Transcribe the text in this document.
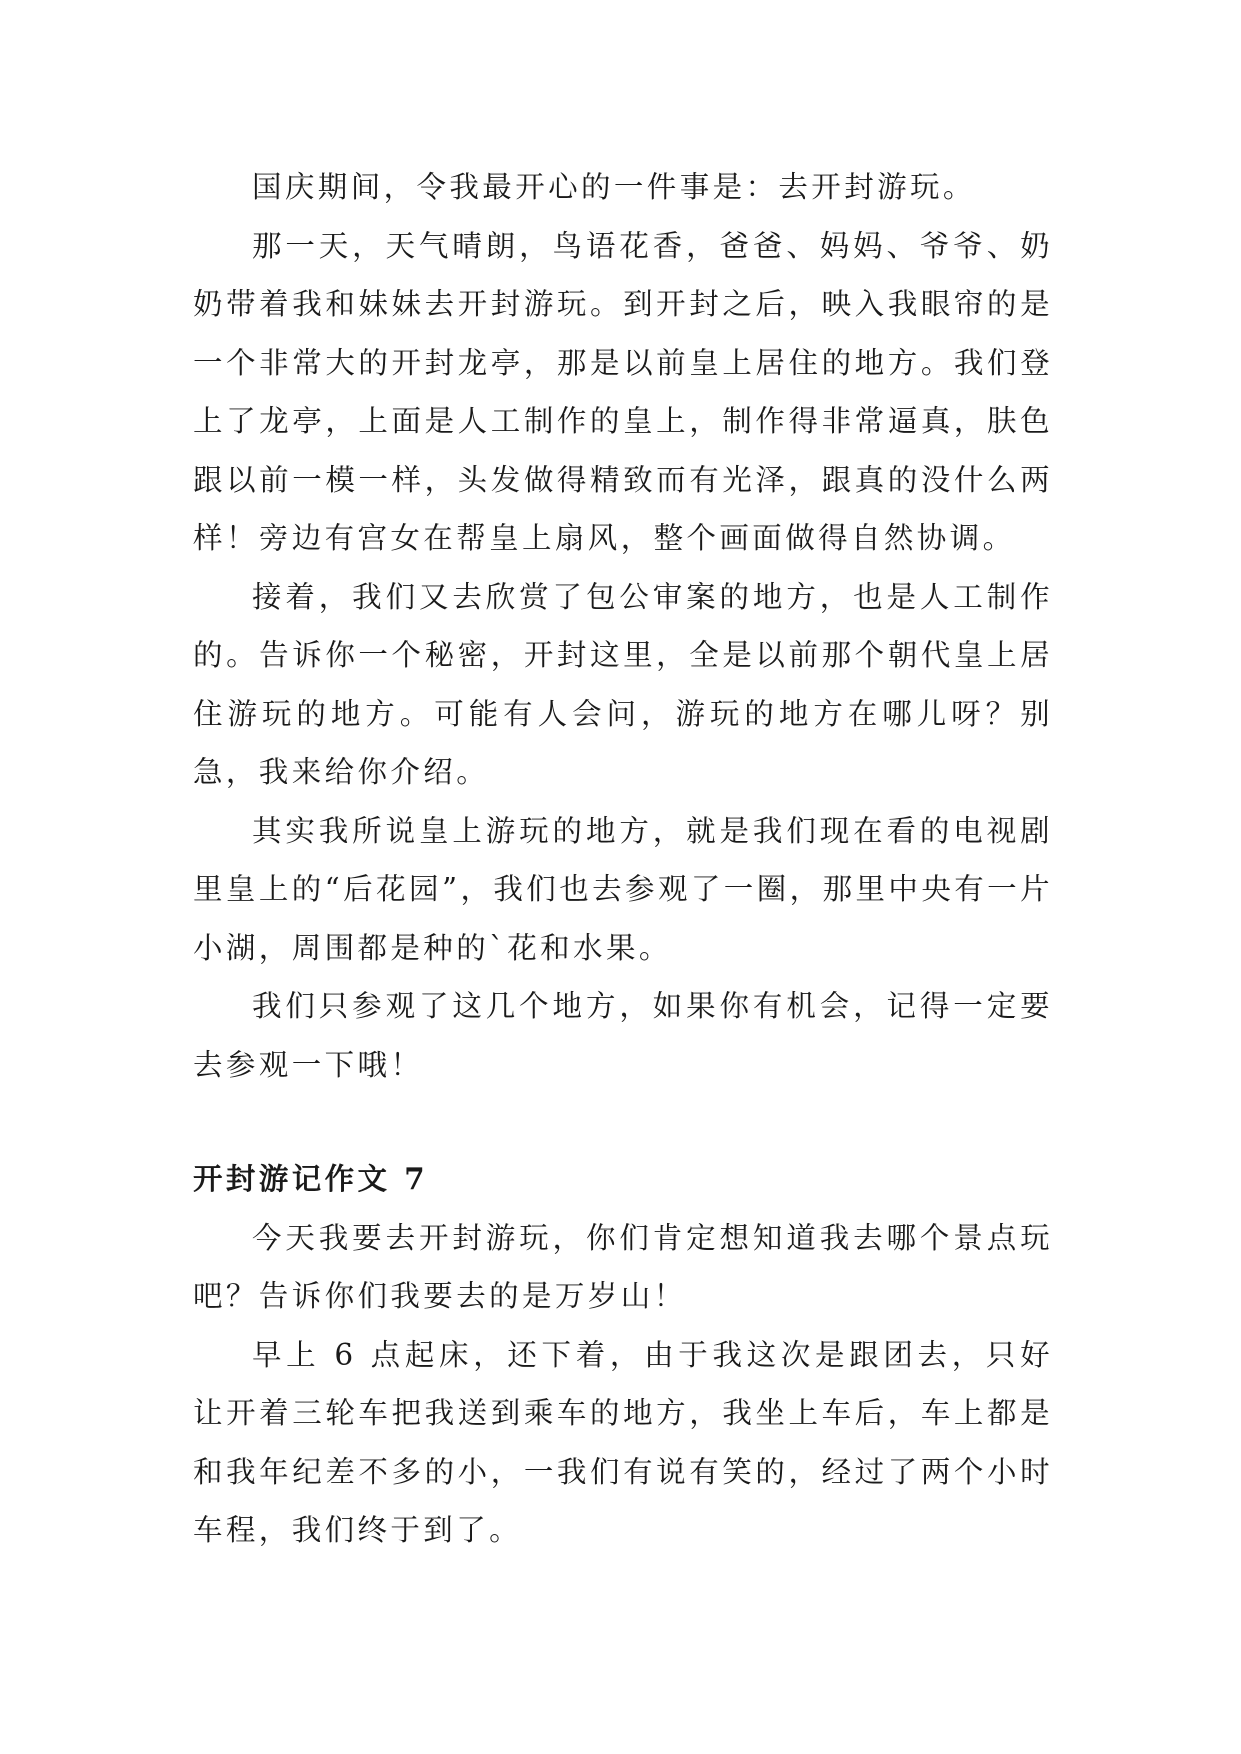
国庆期间，令我最开心的一件事是：去开封游玩。

那一天，天气晴朗，鸟语花香，爸爸、妈妈、爷爷、奶奶带着我和妹妹去开封游玩。到开封之后，映入我眼帘的是一个非常大的开封龙亭，那是以前皇上居住的地方。我们登上了龙亭，上面是人工制作的皇上，制作得非常逼真，肤色跟以前一模一样，头发做得精致而有光泽，跟真的没什么两样！旁边有宫女在帮皇上扇风，整个画面做得自然协调。

接着，我们又去欣赏了包公审案的地方，也是人工制作的。告诉你一个秘密，开封这里，全是以前那个朝代皇上居住游玩的地方。可能有人会问，游玩的地方在哪儿呀？别急，我来给你介绍。

其实我所说皇上游玩的地方，就是我们现在看的电视剧里皇上的“后花园”，我们也去参观了一圈，那里中央有一片小湖，周围都是种的`花和水果。

我们只参观了这几个地方，如果你有机会，记得一定要去参观一下哦！

开封游记作文 7

今天我要去开封游玩，你们肯定想知道我去哪个景点玩吧？告诉你们我要去的是万岁山！

早上 6 点起床，还下着，由于我这次是跟团去，只好让开着三轮车把我送到乘车的地方，我坐上车后，车上都是和我年纪差不多的小，一我们有说有笑的，经过了两个小时车程，我们终于到了。
